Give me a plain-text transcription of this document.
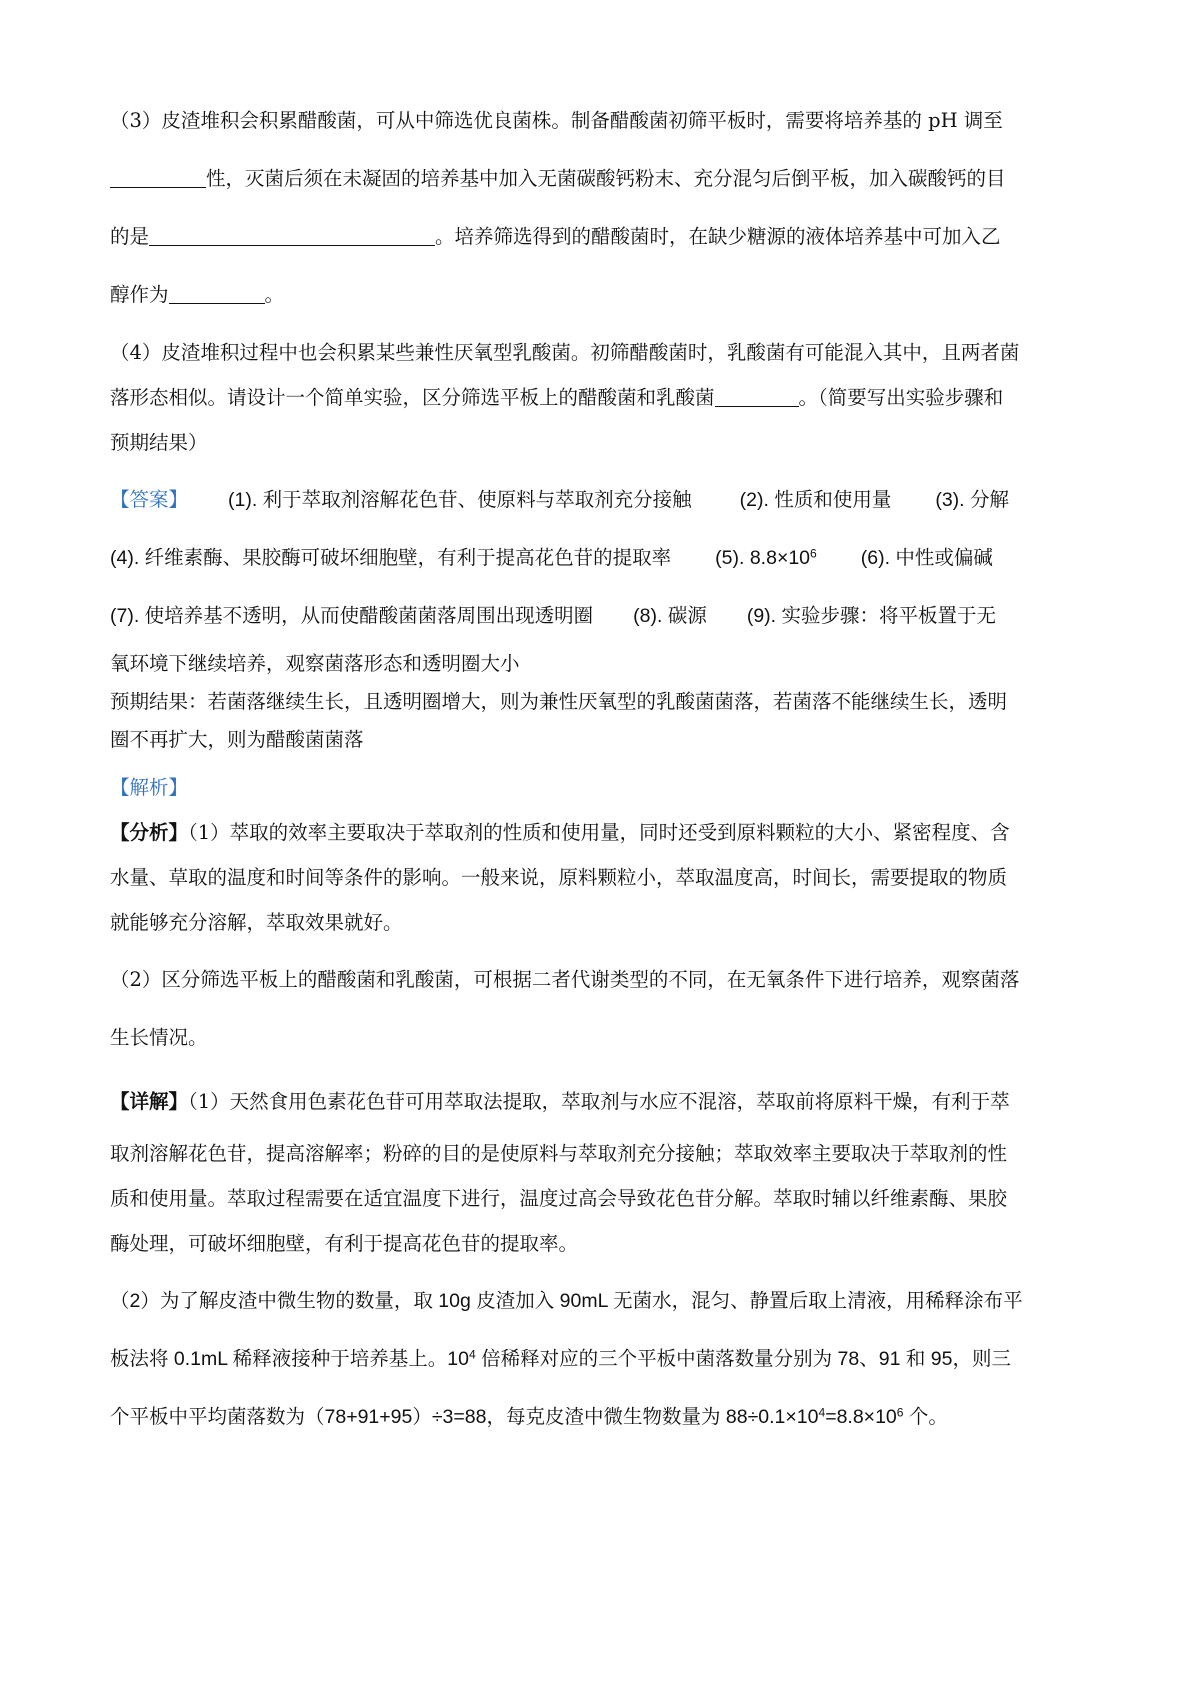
（3）皮渣堆积会积累醋酸菌，可从中筛选优良菌株。制备醋酸菌初筛平板时，需要将培养基的 pH 调至

性，灭菌后须在未凝固的培养基中加入无菌碳酸钙粉末、充分混匀后倒平板，加入碳酸钙的目

的是	。培养筛选得到的醋酸菌时，在缺少糖源的液体培养基中可加入乙

醇作为	。

（4）皮渣堆积过程中也会积累某些兼性厌氧型乳酸菌。初筛醋酸菌时，乳酸菌有可能混入其中，且两者菌

落形态相似。请设计一个简单实验，区分筛选平板上的醋酸菌和乳酸菌	。（简要写出实验步骤和

预期结果）

【答案】	(1). 利于萃取剂溶解花色苷、使原料与萃取剂充分接触 (2). 性质和使用量 (3). 分解
(4). 纤维素酶、果胶酶可破坏细胞壁，有利于提高花色苷的提取率 (5). $8.8\times 10^6$ (6). 中性或偏碱
(7). 使培养基不透明，从而使醋酸菌菌落周围出现透明圈 (8). 碳源 (9). 实验步骤：将平板置于无

氧环境下继续培养，观察菌落形态和透明圈大小

预期结果：若菌落继续生长，且透明圈增大，则为兼性厌氧型的乳酸菌菌落，若菌落不能继续生长，透明

圈不再扩大，则为醋酸菌菌落

【解析】

【分析】（1）萃取的效率主要取决于萃取剂的性质和使用量，同时还受到原料颗粒的大小、紧密程度、含

水量、草取的温度和时间等条件的影响。一般来说，原料颗粒小，萃取温度高，时间长，需要提取的物质

就能够充分溶解，萃取效果就好。

（2）区分筛选平板上的醋酸菌和乳酸菌，可根据二者代谢类型的不同，在无氧条件下进行培养，观察菌落

生长情况。

【详解】（1）天然食用色素花色苷可用萃取法提取，萃取剂与水应不混溶，萃取前将原料干燥，有利于萃

取剂溶解花色苷，提高溶解率；粉碎的目的是使原料与萃取剂充分接触；萃取效率主要取决于萃取剂的性

质和使用量。萃取过程需要在适宜温度下进行，温度过高会导致花色苷分解。萃取时辅以纤维素酶、果胶

酶处理，可破坏细胞壁，有利于提高花色苷的提取率。

（2）为了解皮渣中微生物的数量，取 10g 皮渣加入 90mL 无菌水，混匀、静置后取上清液，用稀释涂布平

板法将 0.1mL 稀释液接种于培养基上。$10^4$ 倍稀释对应的三个平板中菌落数量分别为 78、91 和 95，则三

个平板中平均菌落数为（78+91+95）÷3=88，每克皮渣中微生物数量为 $88\div 0.1\times 10^4=8.8\times 10^6$ 个。
